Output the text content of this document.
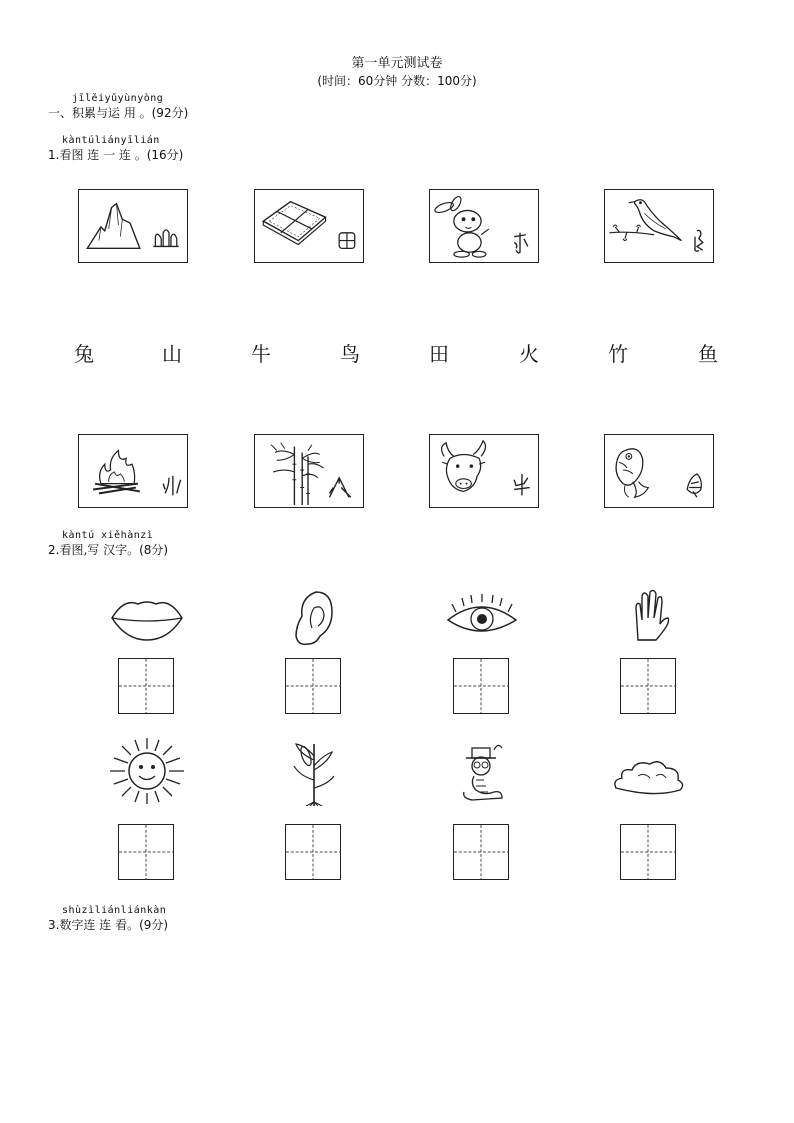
第一单元测试卷
(时间：60分钟 分数：100分)
jīlěiyǔyùnyòng
一、积累与运 用 。(92分)
kàntúliányīlián
1.看图 连 一 连 。(16分)
兔	山	牛	鸟	田	火	竹	鱼
kàntú xiěhànzì
2.看图,写 汉字。(8分)
shùzìliánliánkàn
3.数字连 连 看。(9分)
